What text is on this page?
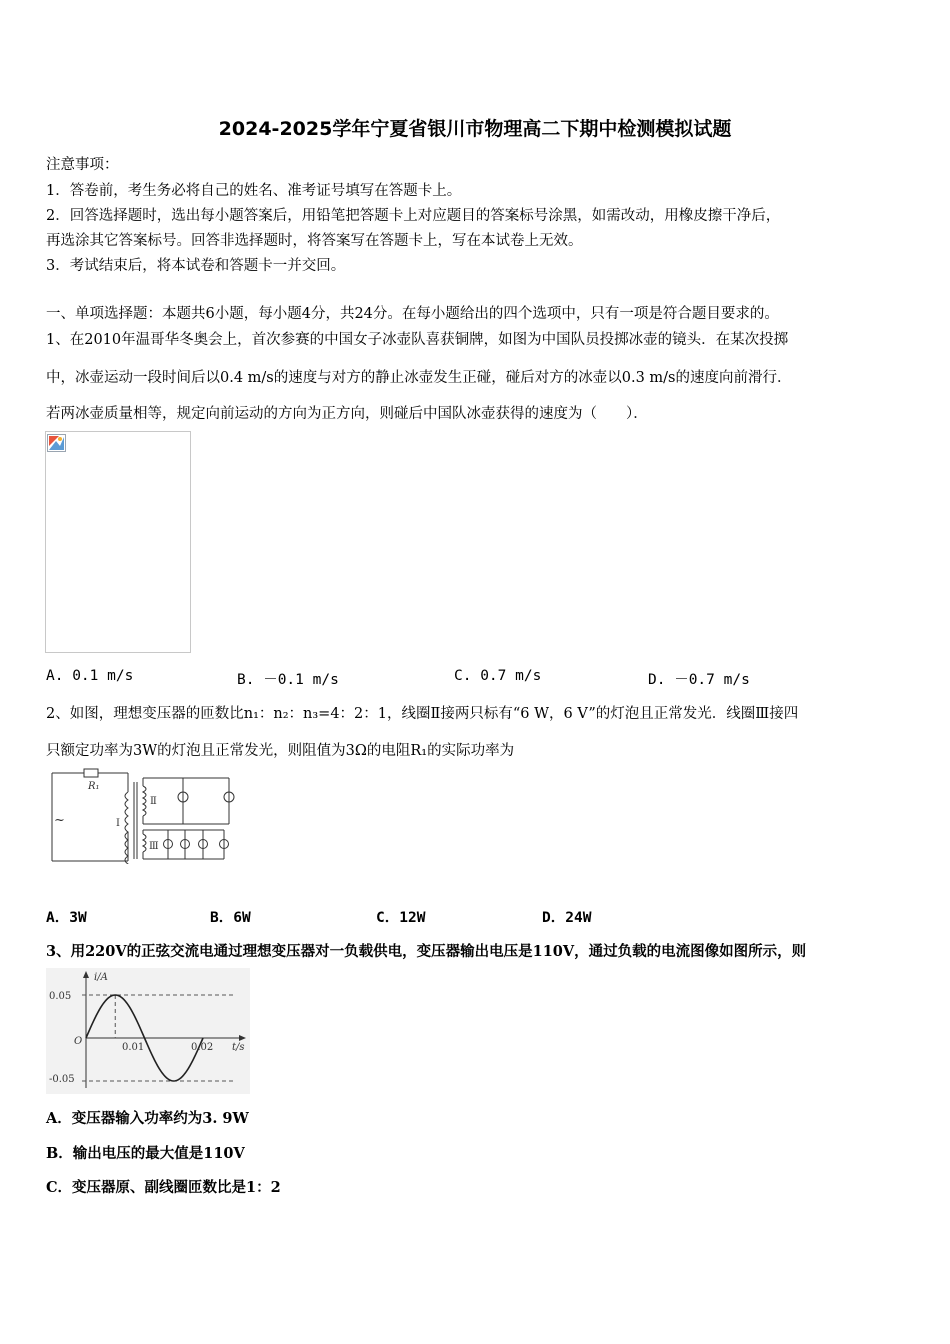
2024-2025学年宁夏省银川市物理高二下期中检测模拟试题
注意事项：
1．答卷前，考生务必将自己的姓名、准考证号填写在答题卡上。
2．回答选择题时，选出每小题答案后，用铅笔把答题卡上对应题目的答案标号涂黑，如需改动，用橡皮擦干净后，
再选涂其它答案标号。回答非选择题时，将答案写在答题卡上，写在本试卷上无效。
3．考试结束后，将本试卷和答题卡一并交回。
一、单项选择题：本题共6小题，每小题4分，共24分。在每小题给出的四个选项中，只有一项是符合题目要求的。
1、在2010年温哥华冬奥会上，首次参赛的中国女子冰壶队喜获铜牌，如图为中国队员投掷冰壶的镜头．在某次投掷
中，冰壶运动一段时间后以0.4 m/s的速度与对方的静止冰壶发生正碰，碰后对方的冰壶以0.3 m/s的速度向前滑行．
若两冰壶质量相等，规定向前运动的方向为正方向，则碰后中国队冰壶获得的速度为（　　）．
A. 0.1 m/s	B. －0.1 m/s	C. 0.7 m/s	D. －0.7 m/s
2、如图，理想变压器的匝数比n₁：n₂：n₃=4：2：1，线圈Ⅱ接两只标有“6 W，6 V”的灯泡且正常发光．线圈Ⅲ接四
只额定功率为3W的灯泡且正常发光，则阻值为3Ω的电阻R₁的实际功率为
R₁
Ⅰ
Ⅱ
Ⅲ
~
A．3W	B．6W	C．12W	D．24W
3、用220V的正弦交流电通过理想变压器对一负载供电，变压器输出电压是110V，通过负载的电流图像如图所示，则
i/A
t/s
O
0.05
-0.05
0.01	0.02
A．变压器输入功率约为3. 9W
B．输出电压的最大值是110V
C．变压器原、副线圈匝数比是1：2
